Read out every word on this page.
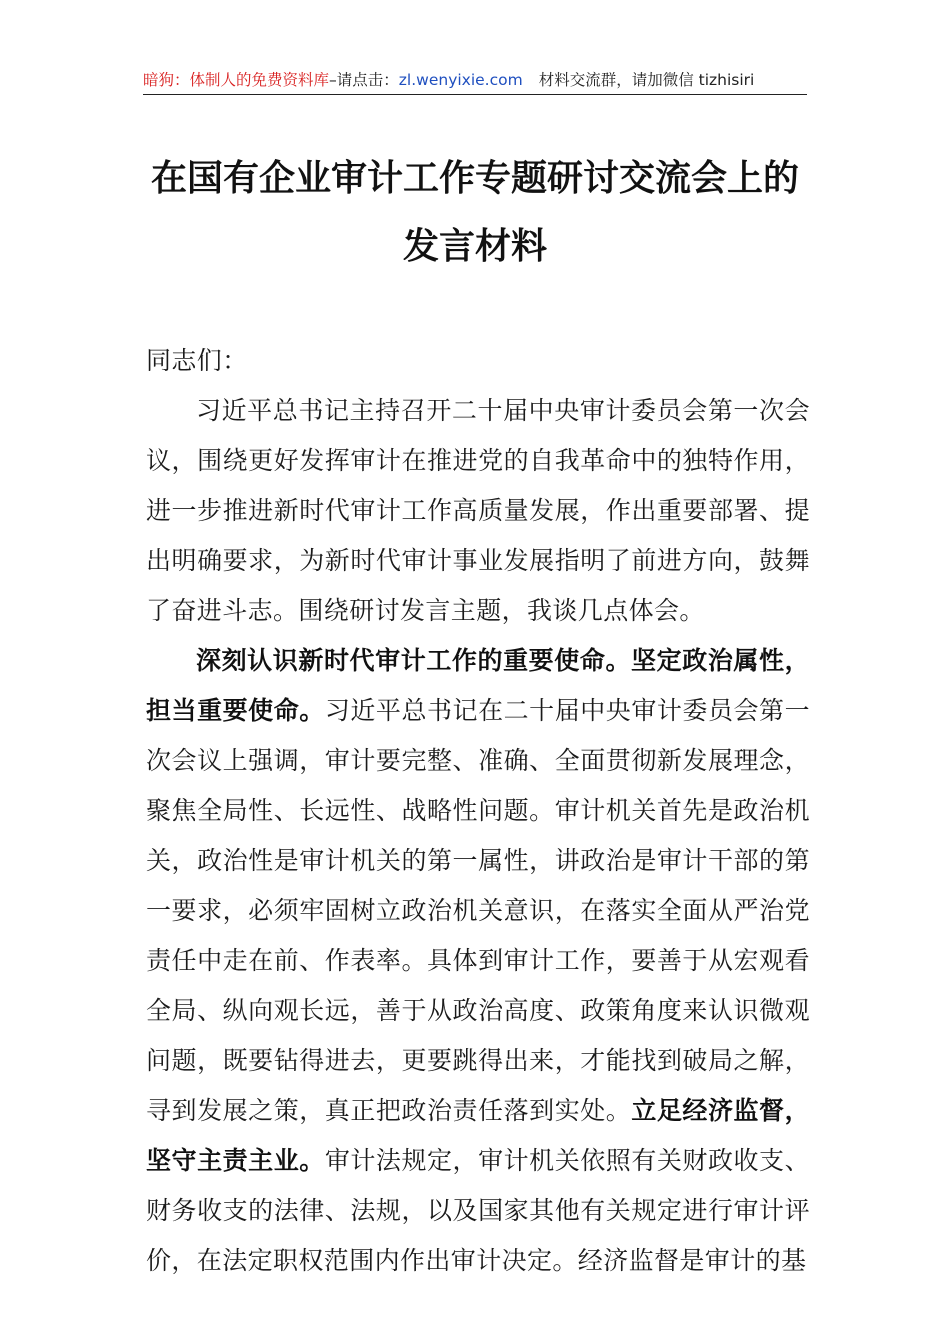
暗狗：体制人的免费资料库–请点击：zl.wenyixie.com 材料交流群，请加微信 tizhisiri
在国有企业审计工作专题研讨交流会上的
发言材料

同志们：

习近平总书记主持召开二十届中央审计委员会第一次会议，围绕更好发挥审计在推进党的自我革命中的独特作用，进一步推进新时代审计工作高质量发展，作出重要部署、提出明确要求，为新时代审计事业发展指明了前进方向，鼓舞了奋进斗志。围绕研讨发言主题，我谈几点体会。

深刻认识新时代审计工作的重要使命。坚定政治属性，担当重要使命。习近平总书记在二十届中央审计委员会第一次会议上强调，审计要完整、准确、全面贯彻新发展理念，聚焦全局性、长远性、战略性问题。审计机关首先是政治机关，政治性是审计机关的第一属性，讲政治是审计干部的第一要求，必须牢固树立政治机关意识，在落实全面从严治党责任中走在前、作表率。具体到审计工作，要善于从宏观看全局、纵向观长远，善于从政治高度、政策角度来认识微观问题，既要钻得进去，更要跳得出来，才能找到破局之解，寻到发展之策，真正把政治责任落到实处。立足经济监督，坚守主责主业。审计法规定，审计机关依照有关财政收支、财务收支的法律、法规，以及国家其他有关规定进行审计评价，在法定职权范围内作出审计决定。经济监督是审计的基
